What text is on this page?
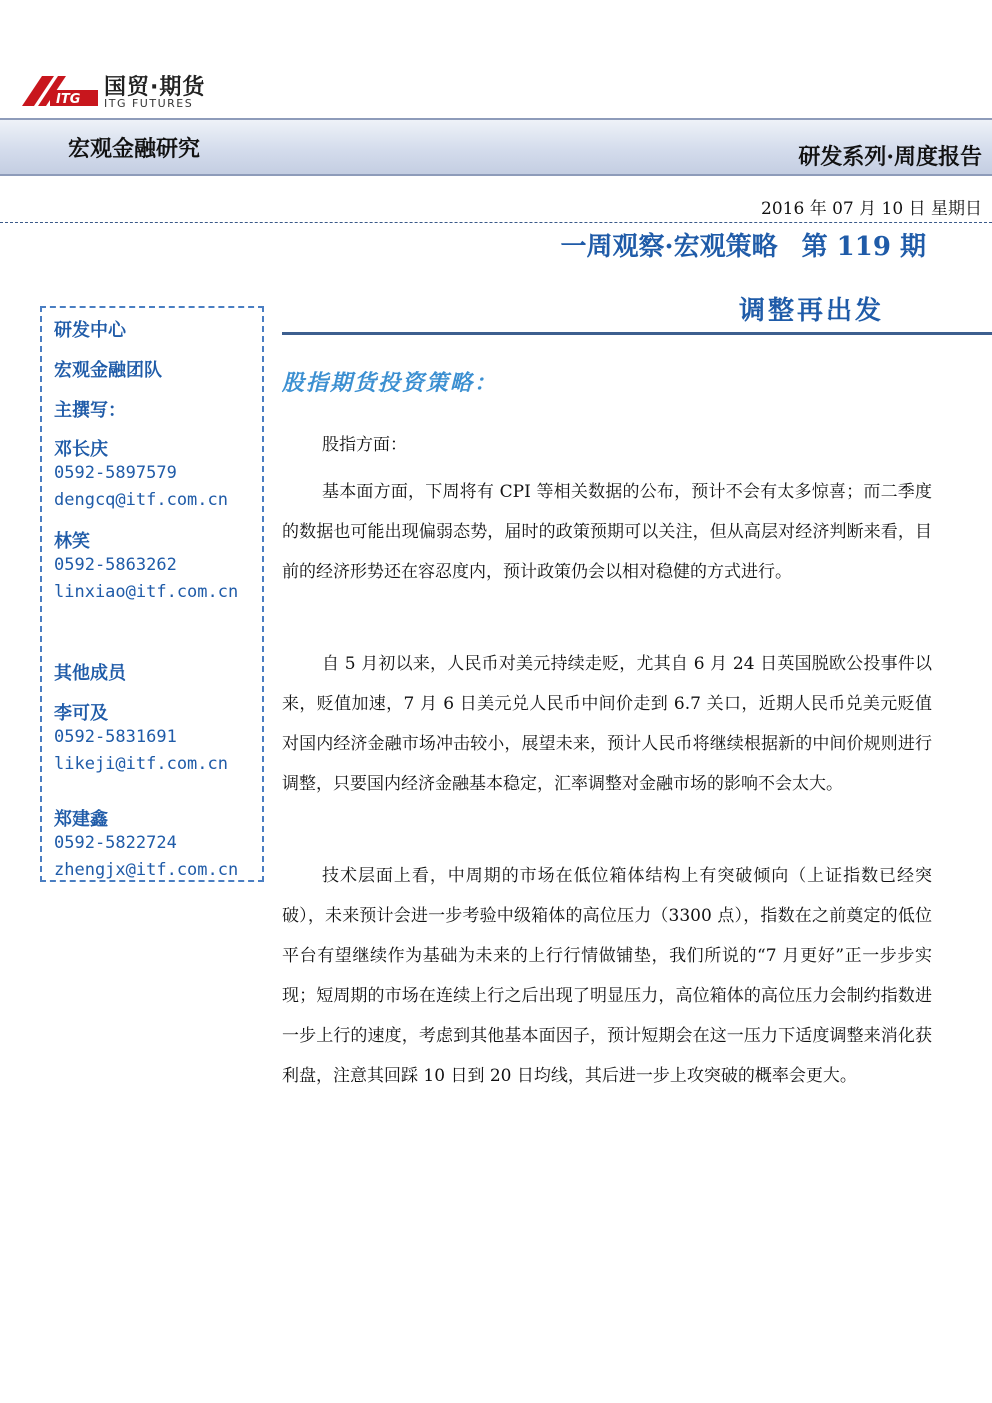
ITG 国贸·期货
ITG FUTURES
宏观金融研究	研发系列·周度报告
2016 年 07 月 10 日 星期日
一周观察·宏观策略 第 119 期
调整再出发
研发中心
宏观金融团队
主撰写：
邓长庆
0592-5897579
dengcq@itf.com.cn
林笑
0592-5863262
linxiao@itf.com.cn
其他成员
李可及
0592-5831691
likeji@itf.com.cn
郑建鑫
0592-5822724
zhengjx@itf.com.cn
股指期货投资策略：
股指方面：

基本面方面，下周将有 CPI 等相关数据的公布，预计不会有太多惊喜；而二季度的数据也可能出现偏弱态势，届时的政策预期可以关注，但从高层对经济判断来看，目前的经济形势还在容忍度内，预计政策仍会以相对稳健的方式进行。

自 5 月初以来，人民币对美元持续走贬，尤其自 6 月 24 日英国脱欧公投事件以来，贬值加速，7 月 6 日美元兑人民币中间价走到 6.7 关口，近期人民币兑美元贬值对国内经济金融市场冲击较小，展望未来，预计人民币将继续根据新的中间价规则进行调整，只要国内经济金融基本稳定，汇率调整对金融市场的影响不会太大。

技术层面上看，中周期的市场在低位箱体结构上有突破倾向（上证指数已经突破），未来预计会进一步考验中级箱体的高位压力（3300 点），指数在之前奠定的低位平台有望继续作为基础为未来的上行行情做铺垫，我们所说的“7 月更好”正一步步实现；短周期的市场在连续上行之后出现了明显压力，高位箱体的高位压力会制约指数进一步上行的速度，考虑到其他基本面因子，预计短期会在这一压力下适度调整来消化获利盘，注意其回踩 10 日到 20 日均线，其后进一步上攻突破的概率会更大。
